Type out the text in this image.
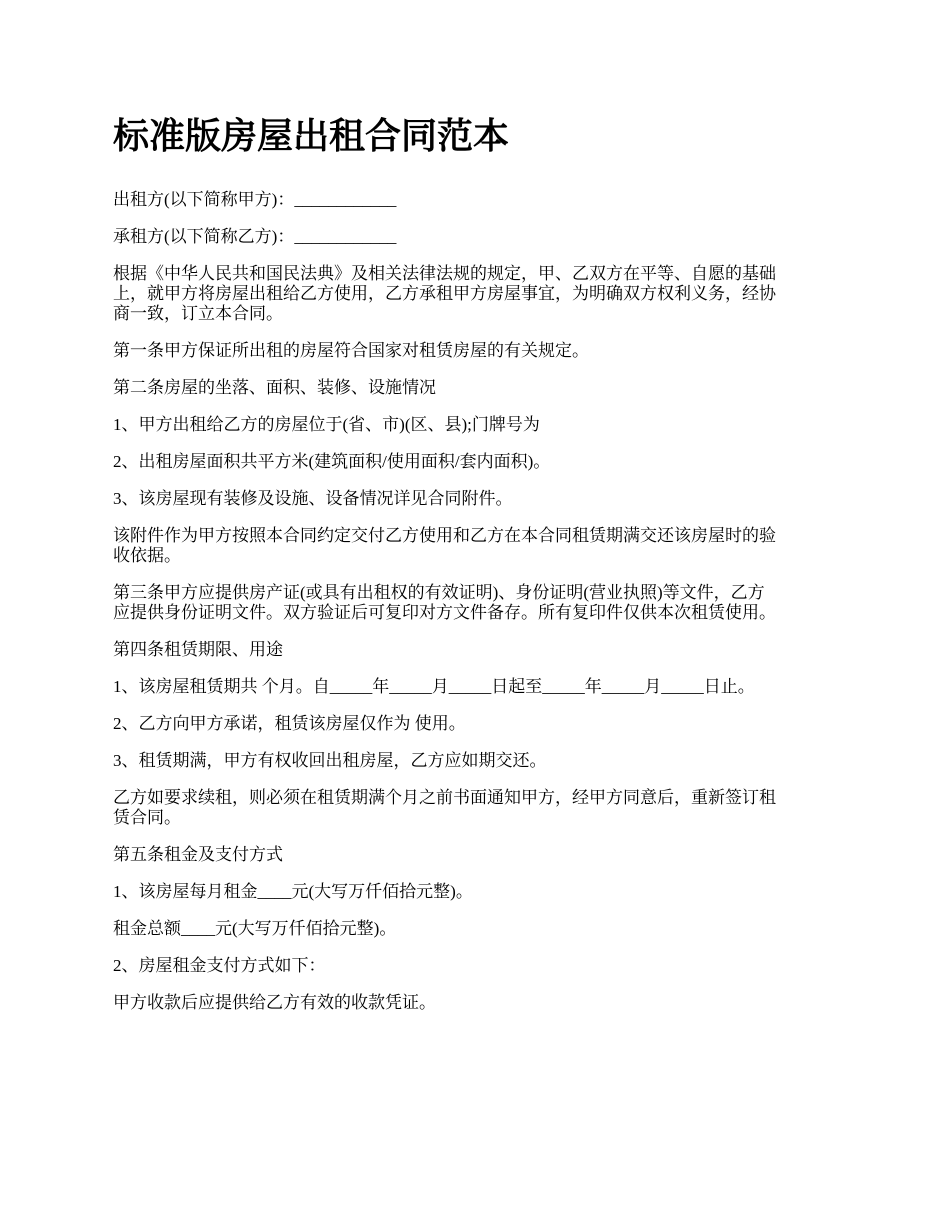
标准版房屋出租合同范本

出租方(以下简称甲方)：____________

承租方(以下简称乙方)：____________

根据《中华人民共和国民法典》及相关法律法规的规定，甲、乙双方在平等、自愿的基础
上，就甲方将房屋出租给乙方使用，乙方承租甲方房屋事宜，为明确双方权利义务，经协
商一致，订立本合同。

第一条甲方保证所出租的房屋符合国家对租赁房屋的有关规定。

第二条房屋的坐落、面积、装修、设施情况

1、甲方出租给乙方的房屋位于(省、市)(区、县);门牌号为

2、出租房屋面积共平方米(建筑面积/使用面积/套内面积)。

3、该房屋现有装修及设施、设备情况详见合同附件。

该附件作为甲方按照本合同约定交付乙方使用和乙方在本合同租赁期满交还该房屋时的验
收依据。

第三条甲方应提供房产证(或具有出租权的有效证明)、身份证明(营业执照)等文件，乙方
应提供身份证明文件。双方验证后可复印对方文件备存。所有复印件仅供本次租赁使用。

第四条租赁期限、用途

1、该房屋租赁期共 个月。自_____年_____月_____日起至_____年_____月_____日止。

2、乙方向甲方承诺，租赁该房屋仅作为 使用。

3、租赁期满，甲方有权收回出租房屋，乙方应如期交还。

乙方如要求续租，则必须在租赁期满个月之前书面通知甲方，经甲方同意后，重新签订租
赁合同。

第五条租金及支付方式

1、该房屋每月租金____元(大写万仟佰拾元整)。

租金总额____元(大写万仟佰拾元整)。

2、房屋租金支付方式如下：

甲方收款后应提供给乙方有效的收款凭证。
